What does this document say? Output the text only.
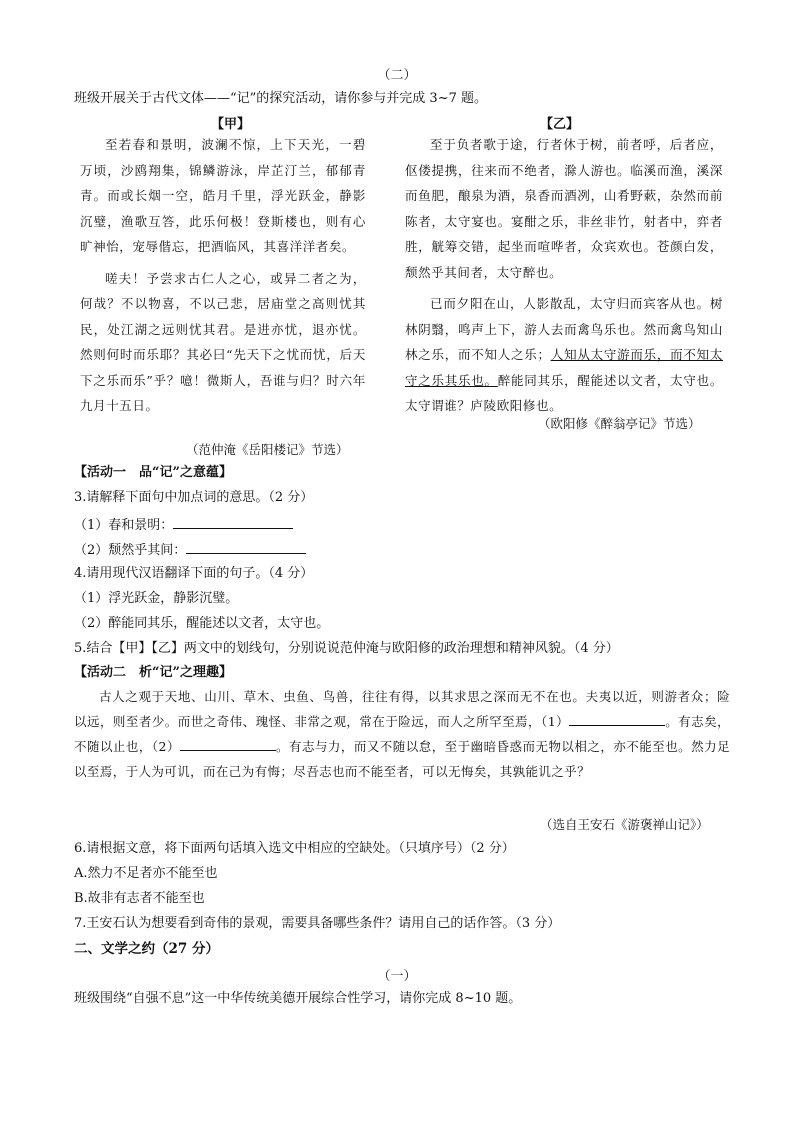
（二）
班级开展关于古代文体——“记”的探究活动，请你参与并完成 3~7 题。
【甲】

至若春和景明，波澜不惊，上下天光，一碧万顷，沙鸥翔集，锦鳞游泳，岸芷汀兰，郁郁青青。而或长烟一空，皓月千里，浮光跃金，静影沉璧，渔歌互答，此乐何极！登斯楼也，则有心旷神怡，宠辱偕忘，把酒临风，其喜洋洋者矣。

嗟夫！予尝求古仁人之心，或异二者之为，何哉？不以物喜，不以己悲，居庙堂之高则忧其民，处江湖之远则忧其君。是进亦忧，退亦忧。然则何时而乐耶？其必曰“先天下之忧而忧，后天下之乐而乐”乎？噫！微斯人，吾谁与归？时六年九月十五日。

（范仲淹《岳阳楼记》节选）
【乙】

至于负者歌于途，行者休于树，前者呼，后者应，伛偻提携，往来而不绝者，滁人游也。临溪而渔，溪深而鱼肥，酿泉为酒，泉香而酒冽，山肴野蔌，杂然而前陈者，太守宴也。宴酣之乐，非丝非竹，射者中，弈者胜，觥筹交错，起坐而喧哗者，众宾欢也。苍颜白发，颓然乎其间者，太守醉也。

已而夕阳在山，人影散乱，太守归而宾客从也。树林阴翳，鸣声上下，游人去而禽鸟乐也。然而禽鸟知山林之乐，而不知人之乐；人知从太守游而乐，而不知太守之乐其乐也。醉能同其乐，醒能述以文者，太守也。太守谓谁？庐陵欧阳修也。

（欧阳修《醉翁亭记》节选）
【活动一　品“记”之意蕴】
3.请解释下面句中加点词的意思。（2 分）
（1）春和景明：
（2）颓然乎其间：
4.请用现代汉语翻译下面的句子。（4 分）
（1）浮光跃金，静影沉璧。
（2）醉能同其乐，醒能述以文者，太守也。
5.结合【甲】【乙】两文中的划线句，分别说说范仲淹与欧阳修的政治理想和精神风貌。（4 分）
【活动二　析“记”之理趣】
古人之观于天地、山川、草木、虫鱼、鸟兽，往往有得，以其求思之深而无不在也。夫夷以近，则游者众；险以远，则至者少。而世之奇伟、瑰怪、非常之观，常在于险远，而人之所罕至焉，（1）	。有志矣，不随以止也，（2）	。有志与力，而又不随以怠，至于幽暗昏惑而无物以相之，亦不能至也。然力足以至焉，于人为可讥，而在己为有悔；尽吾志也而不能至者，可以无悔矣，其孰能讥之乎？
（选自王安石《游褒禅山记》）
6.请根据文意，将下面两句话填入选文中相应的空缺处。（只填序号）（2 分）
A.然力不足者亦不能至也
B.故非有志者不能至也
7.王安石认为想要看到奇伟的景观，需要具备哪些条件？请用自己的话作答。（3 分）
二、文学之约（27 分）
（一）
班级围绕“自强不息”这一中华传统美德开展综合性学习，请你完成 8~10 题。
